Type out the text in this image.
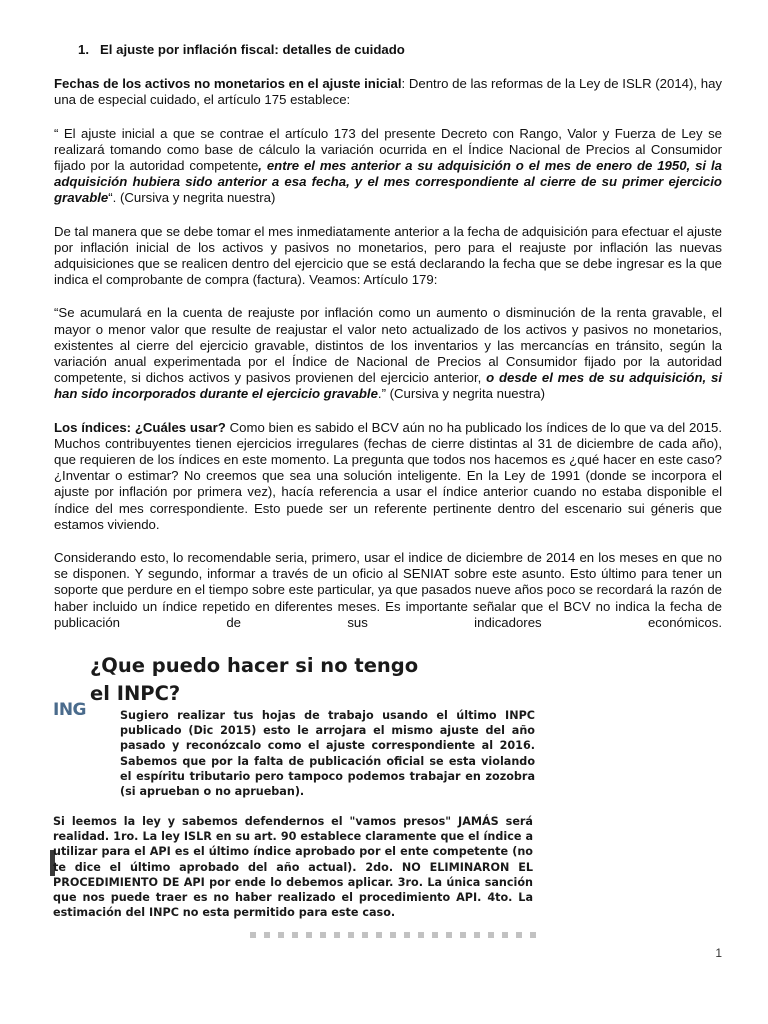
1. El ajuste por inflación fiscal: detalles de cuidado

Fechas de los activos no monetarios en el ajuste inicial: Dentro de las reformas de la Ley de ISLR (2014), hay una de especial cuidado, el artículo 175 establece:

“ El ajuste inicial a que se contrae el artículo 173 del presente Decreto con Rango, Valor y Fuerza de Ley se realizará tomando como base de cálculo la variación ocurrida en el Índice Nacional de Precios al Consumidor fijado por la autoridad competente, entre el mes anterior a su adquisición o el mes de enero de 1950, si la adquisición hubiera sido anterior a esa fecha, y el mes correspondiente al cierre de su primer ejercicio gravable“. (Cursiva y negrita nuestra)

De tal manera que se debe tomar el mes inmediatamente anterior a la fecha de adquisición para efectuar el ajuste por inflación inicial de los activos y pasivos no monetarios, pero para el reajuste por inflación las nuevas adquisiciones que se realicen dentro del ejercicio que se está declarando la fecha que se debe ingresar es la que indica el comprobante de compra (factura). Veamos: Artículo 179:

“Se acumulará en la cuenta de reajuste por inflación como un aumento o disminución de la renta gravable, el mayor o menor valor que resulte de reajustar el valor neto actualizado de los activos y pasivos no monetarios, existentes al cierre del ejercicio gravable, distintos de los inventarios y las mercancías en tránsito, según la variación anual experimentada por el Índice de Nacional de Precios al Consumidor fijado por la autoridad competente, si dichos activos y pasivos provienen del ejercicio anterior, o desde el mes de su adquisición, si han sido incorporados durante el ejercicio gravable.” (Cursiva y negrita nuestra)

Los índices: ¿Cuáles usar? Como bien es sabido el BCV aún no ha publicado los índices de lo que va del 2015. Muchos contribuyentes tienen ejercicios irregulares (fechas de cierre distintas al 31 de diciembre de cada año), que requieren de los índices en este momento. La pregunta que todos nos hacemos es ¿qué hacer en este caso? ¿Inventar o estimar? No creemos que sea una solución inteligente. En la Ley de 1991 (donde se incorpora el ajuste por inflación por primera vez), hacía referencia a usar el índice anterior cuando no estaba disponible el índice del mes correspondiente. Esto puede ser un referente pertinente dentro del escenario sui géneris que estamos viviendo.

Considerando esto, lo recomendable seria, primero, usar el indice de diciembre de 2014 en los meses en que no se disponen. Y segundo, informar a través de un oficio al SENIAT sobre este asunto. Esto último para tener un soporte que perdure en el tiempo sobre este particular, ya que pasados nueve años poco se recordará la razón de haber incluido un índice repetido en diferentes meses. Es importante señalar que el BCV no indica la fecha de publicación de sus indicadores económicos.

¿Que puedo hacer si no tengo el INPC?
ING	Sugiero realizar tus hojas de trabajo usando el último INPC publicado (Dic 2015) esto le arrojara el mismo ajuste del año pasado y reconózcalo como el ajuste correspondiente al 2016. Sabemos que por la falta de publicación oficial se esta violando el espíritu tributario pero tampoco podemos trabajar en zozobra (si aprueban o no aprueban).
Si leemos la ley y sabemos defendernos el "vamos presos" JAMÁS será realidad. 1ro. La ley ISLR en su art. 90 establece claramente que el índice a utilizar para el API es el último índice aprobado por el ente competente (no te dice el último aprobado del año actual). 2do. NO ELIMINARON EL PROCEDIMIENTO DE API por ende lo debemos aplicar. 3ro. La única sanción que nos puede traer es no haber realizado el procedimiento API. 4to. La estimación del INPC no esta permitido para este caso.
1
